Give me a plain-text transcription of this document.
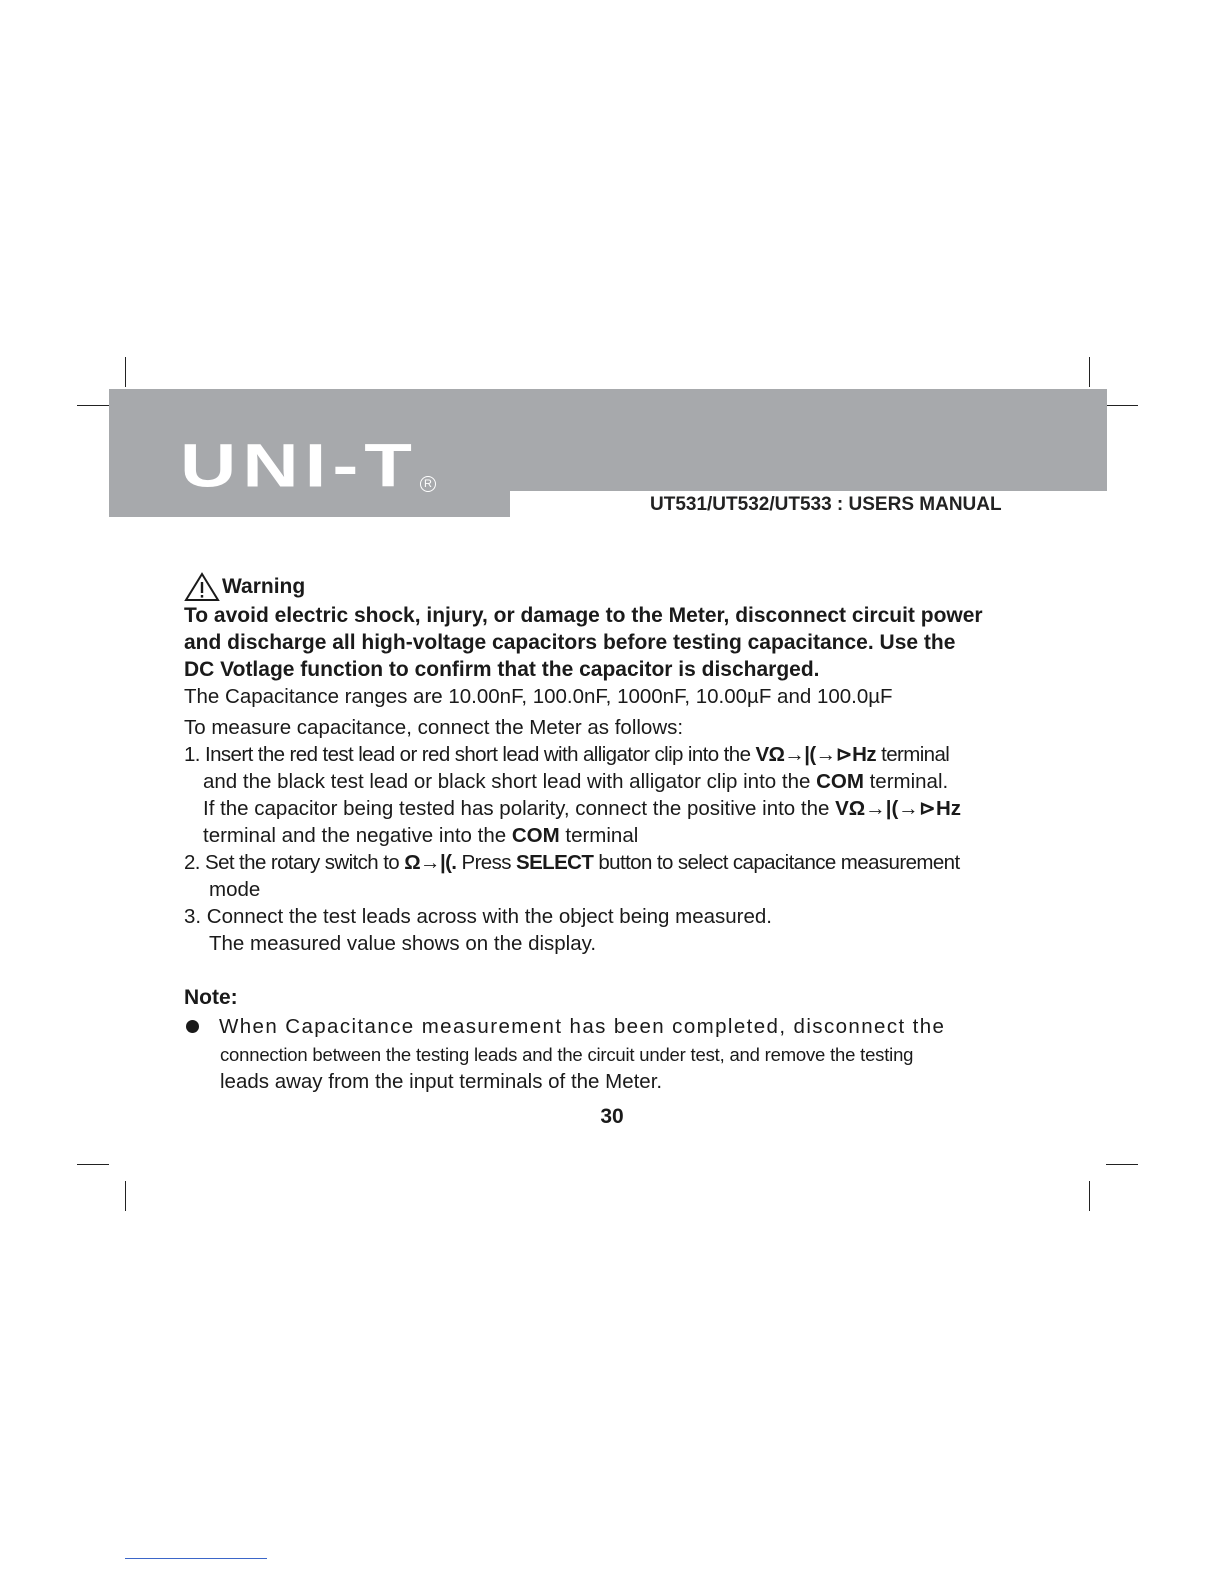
UNI-T R
UT531/UT532/UT533 : USERS MANUAL
Warning
To avoid electric shock, injury, or damage to the Meter, disconnect circuit power
and discharge all high-voltage capacitors before testing capacitance. Use the
DC Votlage function to confirm that the capacitor is discharged.
The Capacitance ranges are 10.00nF, 100.0nF, 1000nF, 10.00µF and 100.0µF
To measure capacitance, connect the Meter as follows:
1. Insert the red test lead or red short lead with alligator clip into the VΩ→|(→⊳Hz terminal
and the black test lead or black short lead with alligator clip into the COM terminal.
If the capacitor being tested has polarity, connect the positive into the VΩ→|(→⊳Hz
terminal and the negative into the COM terminal
2. Set the rotary switch to Ω→|(. Press SELECT button to select capacitance measurement
mode
3. Connect the test leads across with the object being measured.
The measured value shows on the display.
Note:
When Capacitance measurement has been completed, disconnect the
connection between the testing leads and the circuit under test, and remove the testing
leads away from the input terminals of the Meter.
30
